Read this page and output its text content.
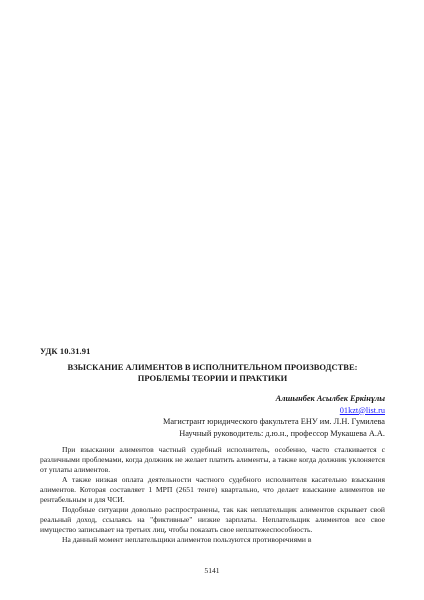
УДК 10.31.91
ВЗЫСКАНИЕ АЛИМЕНТОВ В ИСПОЛНИТЕЛЬНОМ ПРОИЗВОДСТВЕ:
ПРОБЛЕМЫ ТЕОРИИ И ПРАКТИКИ
Алшынбек Асылбек Еркінұлы
01kzt@list.ru
Магистрант юридического факультета ЕНУ им. Л.Н. Гумилева
Научный руководитель: д.ю.н., профессор Мукашева А.А.

При взыскании алиментов частный судебный исполнитель, особенно, часто сталкивается с различными проблемами, когда должник не желает платить алименты, а также когда должник уклоняется от уплаты алиментов.

А также низкая оплата деятельности частного судебного исполнителя касательно взыскания алиментов. Которая составляет 1 МРП (2651 тенге) квартально, что делает взыскание алиментов не рентабельным и для ЧСИ.

Подобные ситуации довольно распространены, так как неплательщик алиментов скрывает свой реальный доход, ссылаясь на "фиктивные" низкие зарплаты. Неплательщик алиментов все свое имущество записывает на третьих лиц, чтобы показать свое неплатежеспособность.

На данный момент неплательщики алиментов пользуются противоречиями в

5141
